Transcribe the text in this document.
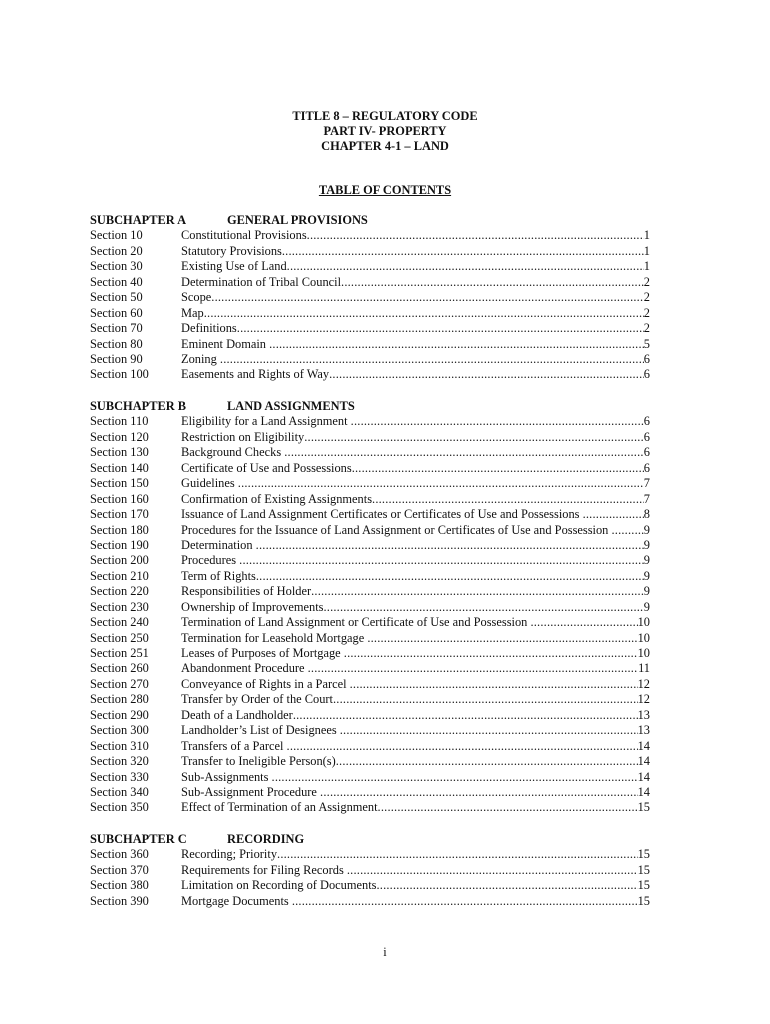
TITLE 8 – REGULATORY CODE
PART IV- PROPERTY
CHAPTER 4-1 – LAND
TABLE OF CONTENTS
SUBCHAPTER A	GENERAL PROVISIONS
Section 10	Constitutional Provisions .....	1
Section 20	Statutory Provisions .....	1
Section 30	Existing Use of Land .....	1
Section 40	Determination of Tribal Council .....	2
Section 50	Scope .....	2
Section 60	Map .....	2
Section 70	Definitions .....	2
Section 80	Eminent Domain .....	5
Section 90	Zoning .....	6
Section 100	Easements and Rights of Way .....	6
SUBCHAPTER B	LAND ASSIGNMENTS
Section 110	Eligibility for a Land Assignment .....	6
Section 120	Restriction on Eligibility .....	6
Section 130	Background Checks .....	6
Section 140	Certificate of Use and Possessions .....	6
Section 150	Guidelines .....	7
Section 160	Confirmation of Existing Assignments .....	7
Section 170	Issuance of Land Assignment Certificates or Certificates of Use and Possessions .....	8
Section 180	Procedures for the Issuance of Land Assignment or Certificates of Use and Possession .....	9
Section 190	Determination .....	9
Section 200	Procedures .....	9
Section 210	Term of Rights .....	9
Section 220	Responsibilities of Holder .....	9
Section 230	Ownership of Improvements .....	9
Section 240	Termination of Land Assignment or Certificate of Use and Possession .....	10
Section 250	Termination for Leasehold Mortgage .....	10
Section 251	Leases of Purposes of Mortgage .....	10
Section 260	Abandonment Procedure .....	11
Section 270	Conveyance of Rights in a Parcel .....	12
Section 280	Transfer by Order of the Court .....	12
Section 290	Death of a Landholder .....	13
Section 300	Landholder’s List of Designees .....	13
Section 310	Transfers of a Parcel .....	14
Section 320	Transfer to Ineligible Person(s) .....	14
Section 330	Sub-Assignments .....	14
Section 340	Sub-Assignment Procedure .....	14
Section 350	Effect of Termination of an Assignment .....	15
SUBCHAPTER C	RECORDING
Section 360	Recording; Priority .....	15
Section 370	Requirements for Filing Records .....	15
Section 380	Limitation on Recording of Documents .....	15
Section 390	Mortgage Documents .....	15
i
